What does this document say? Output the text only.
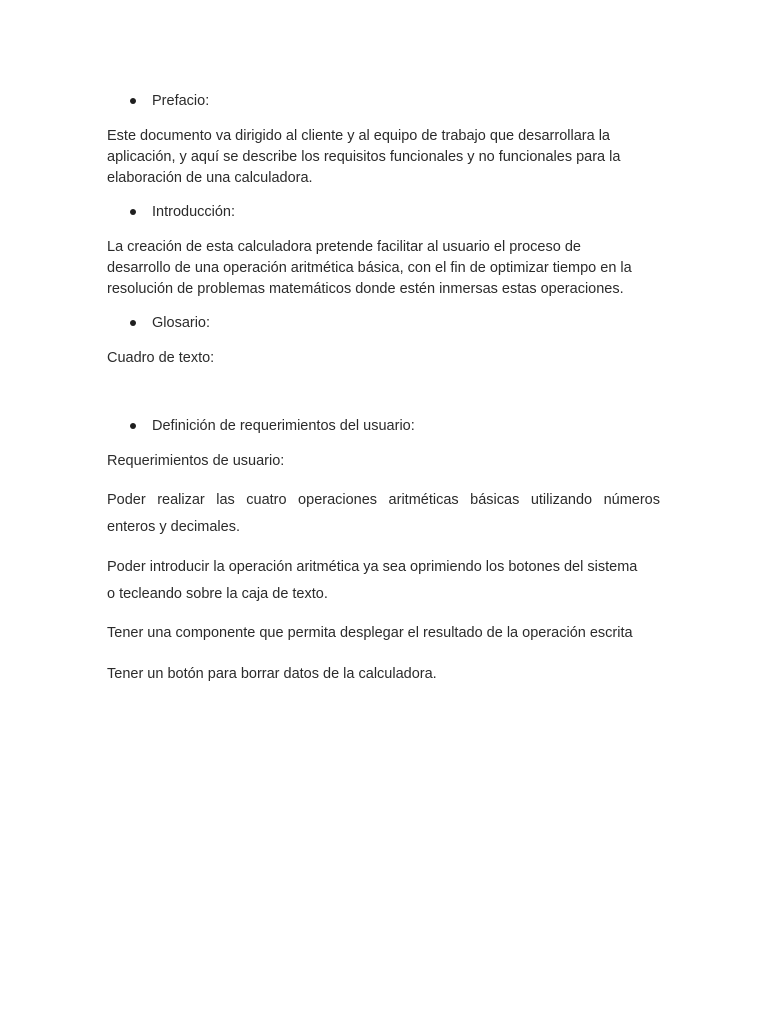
Prefacio:
Este documento va dirigido al cliente y al equipo de trabajo que desarrollara la
aplicación, y aquí se describe los requisitos funcionales y no funcionales para la
elaboración de una calculadora.
Introducción:
La creación de esta calculadora pretende facilitar al usuario el proceso de
desarrollo de una operación aritmética básica, con el fin de optimizar tiempo en la
resolución de problemas matemáticos donde estén inmersas estas operaciones.
Glosario:
Cuadro de texto:
Definición de requerimientos del usuario:
Requerimientos de usuario:
Poder realizar las cuatro operaciones aritméticas básicas utilizando números
enteros y decimales.
Poder introducir la operación aritmética ya sea oprimiendo los botones del sistema
o tecleando sobre la caja de texto.
Tener una componente que permita desplegar el resultado de la operación escrita
Tener un botón para borrar datos de la calculadora.
